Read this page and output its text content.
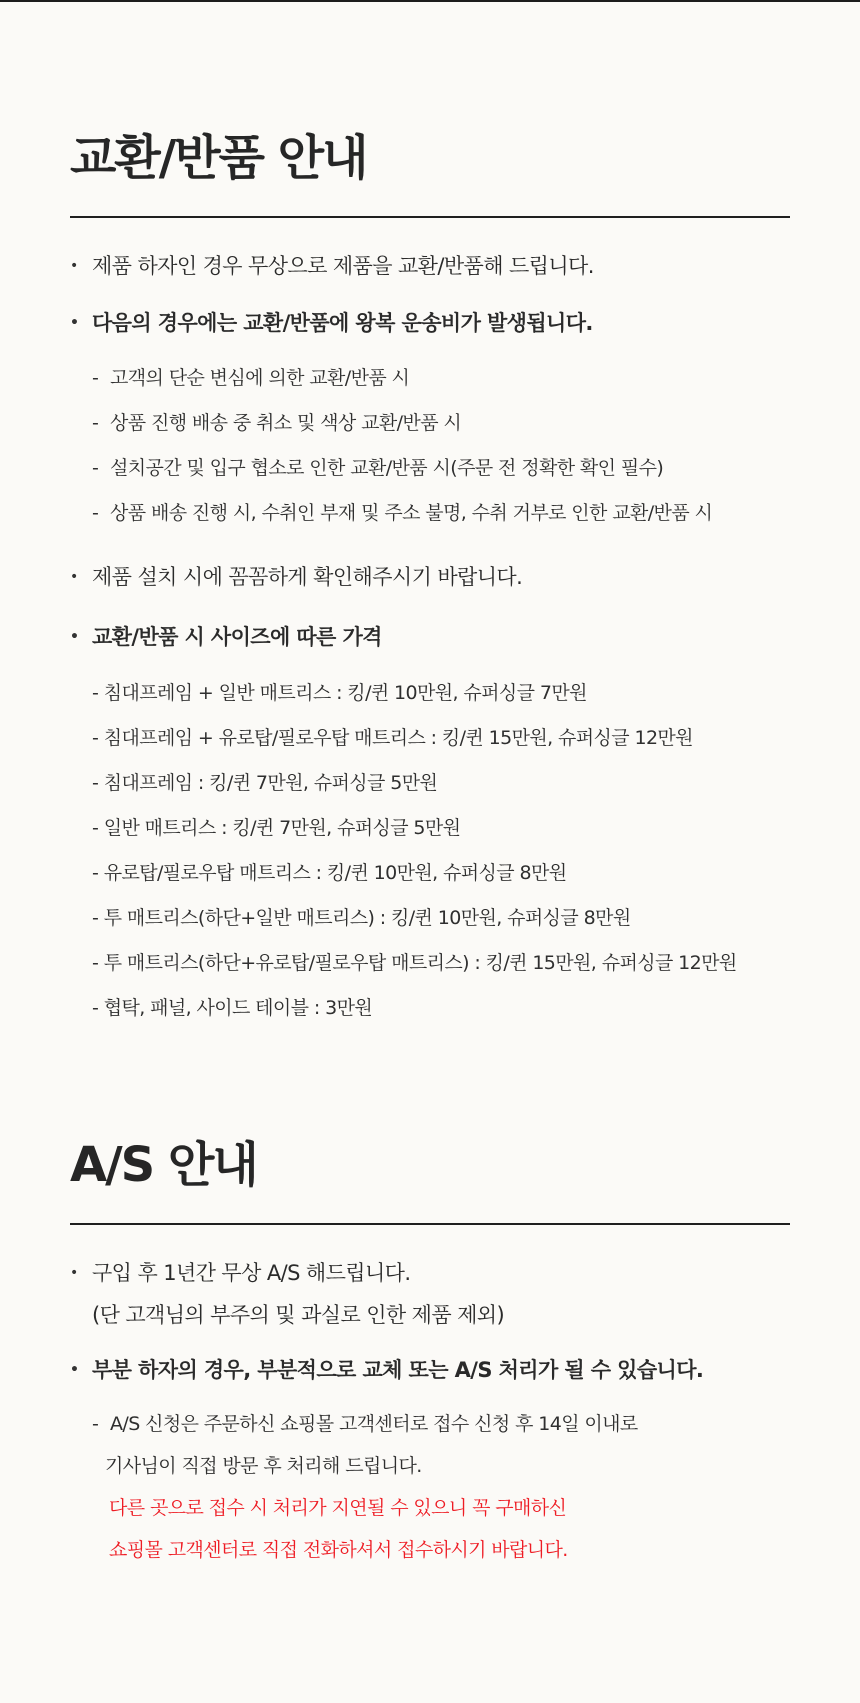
교환/반품 안내
• 제품 하자인 경우 무상으로 제품을 교환/반품해 드립니다.
• 다음의 경우에는 교환/반품에 왕복 운송비가 발생됩니다.
- 고객의 단순 변심에 의한 교환/반품 시
- 상품 진행 배송 중 취소 및 색상 교환/반품 시
- 설치공간 및 입구 협소로 인한 교환/반품 시(주문 전 정확한 확인 필수)
- 상품 배송 진행 시, 수취인 부재 및 주소 불명, 수취 거부로 인한 교환/반품 시
• 제품 설치 시에 꼼꼼하게 확인해주시기 바랍니다.
• 교환/반품 시 사이즈에 따른 가격
- 침대프레임 + 일반 매트리스 : 킹/퀸 10만원, 슈퍼싱글 7만원
- 침대프레임 + 유로탑/필로우탑 매트리스 : 킹/퀸 15만원, 슈퍼싱글 12만원
- 침대프레임 : 킹/퀸 7만원, 슈퍼싱글 5만원
- 일반 매트리스 : 킹/퀸 7만원, 슈퍼싱글 5만원
- 유로탑/필로우탑 매트리스 : 킹/퀸 10만원, 슈퍼싱글 8만원
- 투 매트리스(하단+일반 매트리스) : 킹/퀸 10만원, 슈퍼싱글 8만원
- 투 매트리스(하단+유로탑/필로우탑 매트리스) : 킹/퀸 15만원, 슈퍼싱글 12만원
- 협탁, 패널, 사이드 테이블 : 3만원
A/S 안내
• 구입 후 1년간 무상 A/S 해드립니다.
(단 고객님의 부주의 및 과실로 인한 제품 제외)
• 부분 하자의 경우, 부분적으로 교체 또는 A/S 처리가 될 수 있습니다.
- A/S 신청은 주문하신 쇼핑몰 고객센터로 접수 신청 후 14일 이내로
기사님이 직접 방문 후 처리해 드립니다.
다른 곳으로 접수 시 처리가 지연될 수 있으니 꼭 구매하신
쇼핑몰 고객센터로 직접 전화하셔서 접수하시기 바랍니다.
